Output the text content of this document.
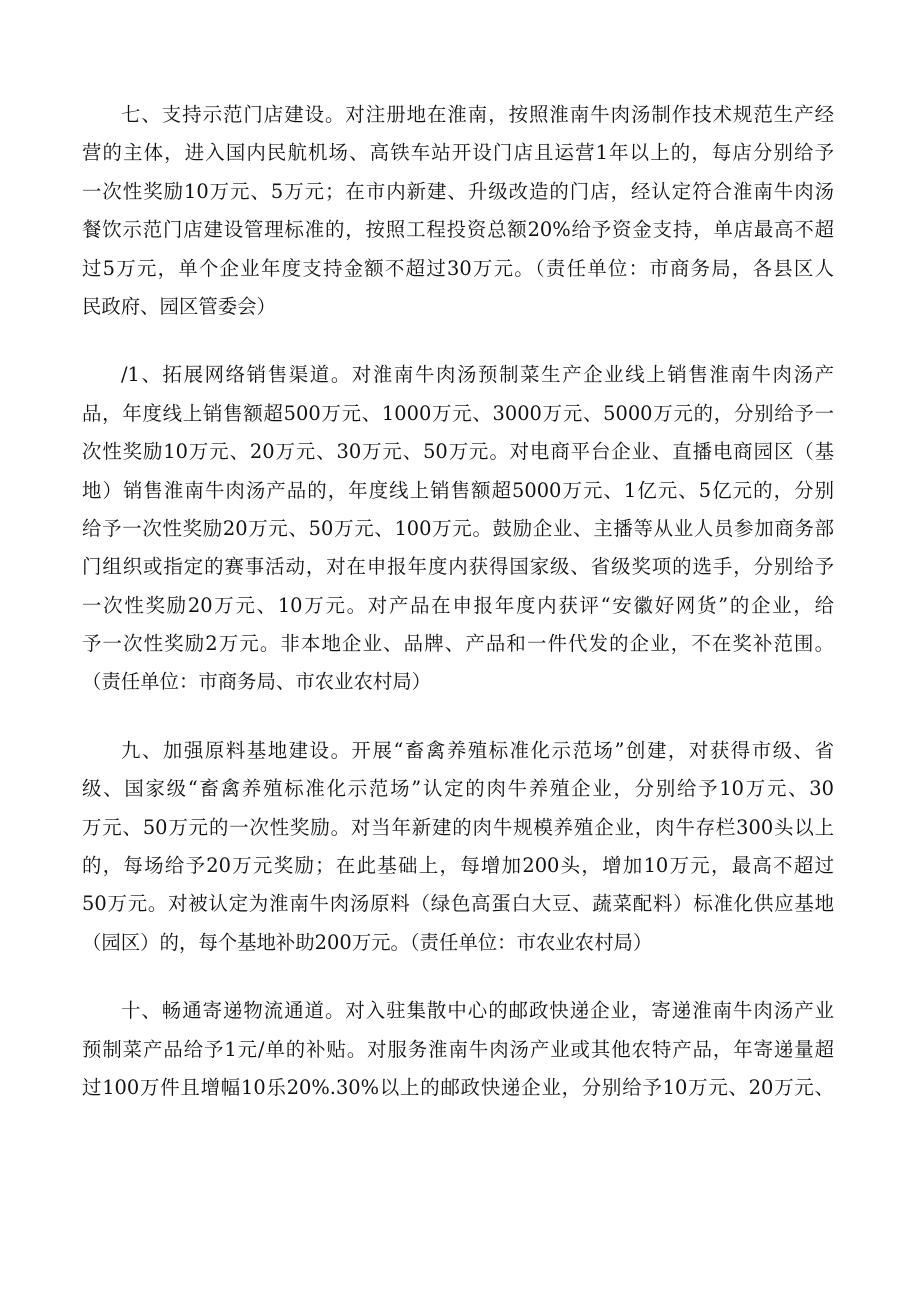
七、支持示范门店建设。对注册地在淮南，按照淮南牛肉汤制作技术规范生产经
营的主体，进入国内民航机场、高铁车站开设门店且运营1年以上的，每店分别给予
一次性奖励10万元、5万元；在市内新建、升级改造的门店，经认定符合淮南牛肉汤
餐饮示范门店建设管理标准的，按照工程投资总额20%给予资金支持，单店最高不超
过5万元，单个企业年度支持金额不超过30万元。（责任单位：市商务局，各县区人
民政府、园区管委会）
/1、拓展网络销售渠道。对淮南牛肉汤预制菜生产企业线上销售淮南牛肉汤产
品，年度线上销售额超500万元、1000万元、3000万元、5000万元的，分别给予一
次性奖励10万元、20万元、30万元、50万元。对电商平台企业、直播电商园区（基
地）销售淮南牛肉汤产品的，年度线上销售额超5000万元、1亿元、5亿元的，分别
给予一次性奖励20万元、50万元、100万元。鼓励企业、主播等从业人员参加商务部
门组织或指定的赛事活动，对在申报年度内获得国家级、省级奖项的选手，分别给予
一次性奖励20万元、10万元。对产品在申报年度内获评“安徽好网货”的企业，给
予一次性奖励2万元。非本地企业、品牌、产品和一件代发的企业，不在奖补范围。
（责任单位：市商务局、市农业农村局）
九、加强原料基地建设。开展“畜禽养殖标准化示范场”创建，对获得市级、省
级、国家级“畜禽养殖标准化示范场”认定的肉牛养殖企业，分别给予10万元、30
万元、50万元的一次性奖励。对当年新建的肉牛规模养殖企业，肉牛存栏300头以上
的，每场给予20万元奖励；在此基础上，每增加200头，增加10万元，最高不超过
50万元。对被认定为淮南牛肉汤原料（绿色高蛋白大豆、蔬菜配料）标准化供应基地
（园区）的，每个基地补助200万元。（责任单位：市农业农村局）
十、畅通寄递物流通道。对入驻集散中心的邮政快递企业，寄递淮南牛肉汤产业
预制菜产品给予1元/单的补贴。对服务淮南牛肉汤产业或其他农特产品，年寄递量超
过100万件且增幅10乐20%.30%以上的邮政快递企业，分别给予10万元、20万元、
